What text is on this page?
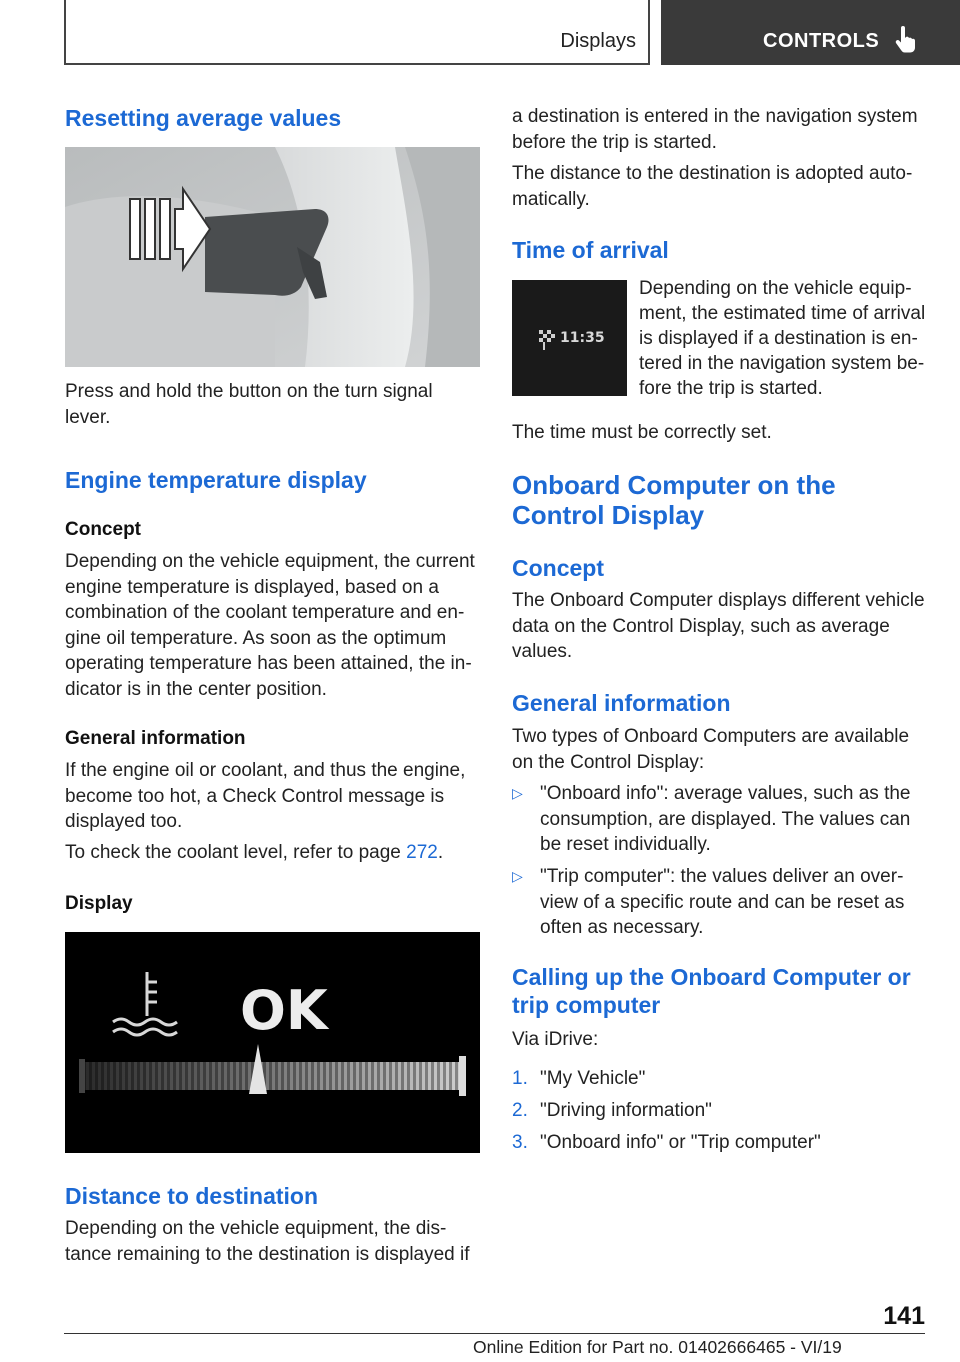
Displays	CONTROLS
Resetting average values

Press and hold the button on the turn signal lever.

Engine temperature display
Concept

Depending on the vehicle equipment, the current engine temperature is displayed, based on a combination of the coolant temperature and engine oil temperature. As soon as the optimum operating temperature has been attained, the indicator is in the center position.

General information

If the engine oil or coolant, and thus the engine, become too hot, a Check Control message is displayed too.

To check the coolant level, refer to page 272.

Display
OK
Distance to destination

Depending on the vehicle equipment, the distance remaining to the destination is displayed if

a destination is entered in the navigation system before the trip is started.

The distance to the destination is adopted automatically.

Time of arrival
11:35

Depending on the vehicle equipment, the estimated time of arrival is displayed if a destination is entered in the navigation system before the trip is started.

The time must be correctly set.

Onboard Computer on the Control Display
Concept

The Onboard Computer displays different vehicle data on the Control Display, such as average values.

General information

Two types of Onboard Computers are available on the Control Display:

▷ "Onboard info": average values, such as the consumption, are displayed. The values can be reset individually.
▷ "Trip computer": the values deliver an overview of a specific route and can be reset as often as necessary.
Calling up the Onboard Computer or trip computer

Via iDrive:

1. "My Vehicle"
2. "Driving information"
3. "Onboard info" or "Trip computer"
141
Online Edition for Part no. 01402666465 - VI/19
